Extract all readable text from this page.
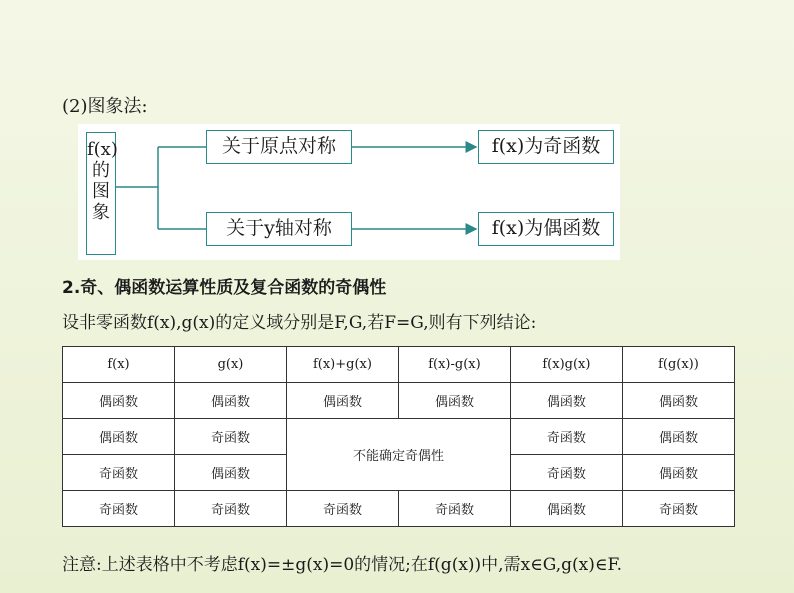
(2)图象法:
f(x)
的
图
象
关于原点对称
关于y轴对称
f(x)为奇函数
f(x)为偶函数
2.奇、偶函数运算性质及复合函数的奇偶性
设非零函数f(x),g(x)的定义域分别是F,G,若F=G,则有下列结论:
f(x)	g(x)	f(x)+g(x)	f(x)-g(x)	f(x)g(x)	f(g(x))
偶函数	偶函数	偶函数	偶函数	偶函数	偶函数
偶函数	奇函数	不能确定奇偶性		奇函数	偶函数
奇函数	偶函数			奇函数	偶函数
奇函数	奇函数	奇函数	奇函数	偶函数	奇函数
注意:上述表格中不考虑f(x)=±g(x)=0的情况;在f(g(x))中,需x∈G,g(x)∈F.
